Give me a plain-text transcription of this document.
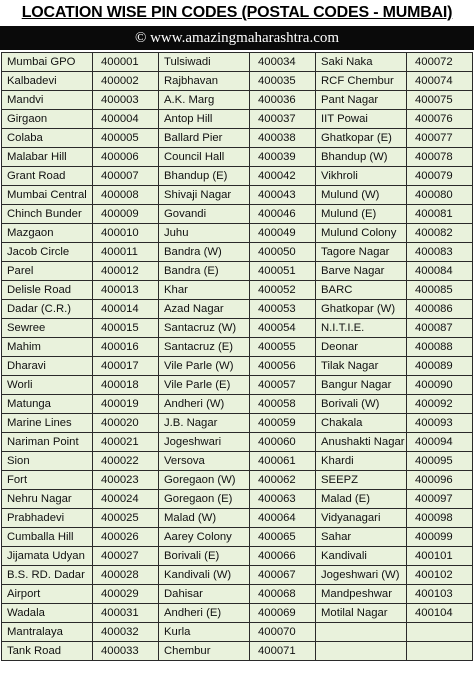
LOCATION WISE PIN CODES (POSTAL CODES - MUMBAI)
© www.amazingmaharashtra.com
Mumbai GPO	400001	Tulsiwadi	400034	Saki Naka	400072
Kalbadevi	400002	Rajbhavan	400035	RCF Chembur	400074
Mandvi	400003	A.K. Marg	400036	Pant Nagar	400075
Girgaon	400004	Antop Hill	400037	IIT Powai	400076
Colaba	400005	Ballard Pier	400038	Ghatkopar (E)	400077
Malabar Hill	400006	Council Hall	400039	Bhandup (W)	400078
Grant Road	400007	Bhandup (E)	400042	Vikhroli	400079
Mumbai Central	400008	Shivaji Nagar	400043	Mulund (W)	400080
Chinch Bunder	400009	Govandi	400046	Mulund (E)	400081
Mazgaon	400010	Juhu	400049	Mulund Colony	400082
Jacob Circle	400011	Bandra (W)	400050	Tagore Nagar	400083
Parel	400012	Bandra (E)	400051	Barve Nagar	400084
Delisle Road	400013	Khar	400052	BARC	400085
Dadar (C.R.)	400014	Azad Nagar	400053	Ghatkopar (W)	400086
Sewree	400015	Santacruz (W)	400054	N.I.T.I.E.	400087
Mahim	400016	Santacruz (E)	400055	Deonar	400088
Dharavi	400017	Vile Parle (W)	400056	Tilak Nagar	400089
Worli	400018	Vile Parle (E)	400057	Bangur Nagar	400090
Matunga	400019	Andheri (W)	400058	Borivali (W)	400092
Marine Lines	400020	J.B. Nagar	400059	Chakala	400093
Nariman Point	400021	Jogeshwari	400060	Anushakti Nagar	400094
Sion	400022	Versova	400061	Khardi	400095
Fort	400023	Goregaon (W)	400062	SEEPZ	400096
Nehru Nagar	400024	Goregaon (E)	400063	Malad (E)	400097
Prabhadevi	400025	Malad (W)	400064	Vidyanagari	400098
Cumballa Hill	400026	Aarey Colony	400065	Sahar	400099
Jijamata Udyan	400027	Borivali (E)	400066	Kandivali	400101
B.S. RD. Dadar	400028	Kandivali (W)	400067	Jogeshwari (W)	400102
Airport	400029	Dahisar	400068	Mandpeshwar	400103
Wadala	400031	Andheri (E)	400069	Motilal Nagar	400104
Mantralaya	400032	Kurla	400070		
Tank Road	400033	Chembur	400071		
